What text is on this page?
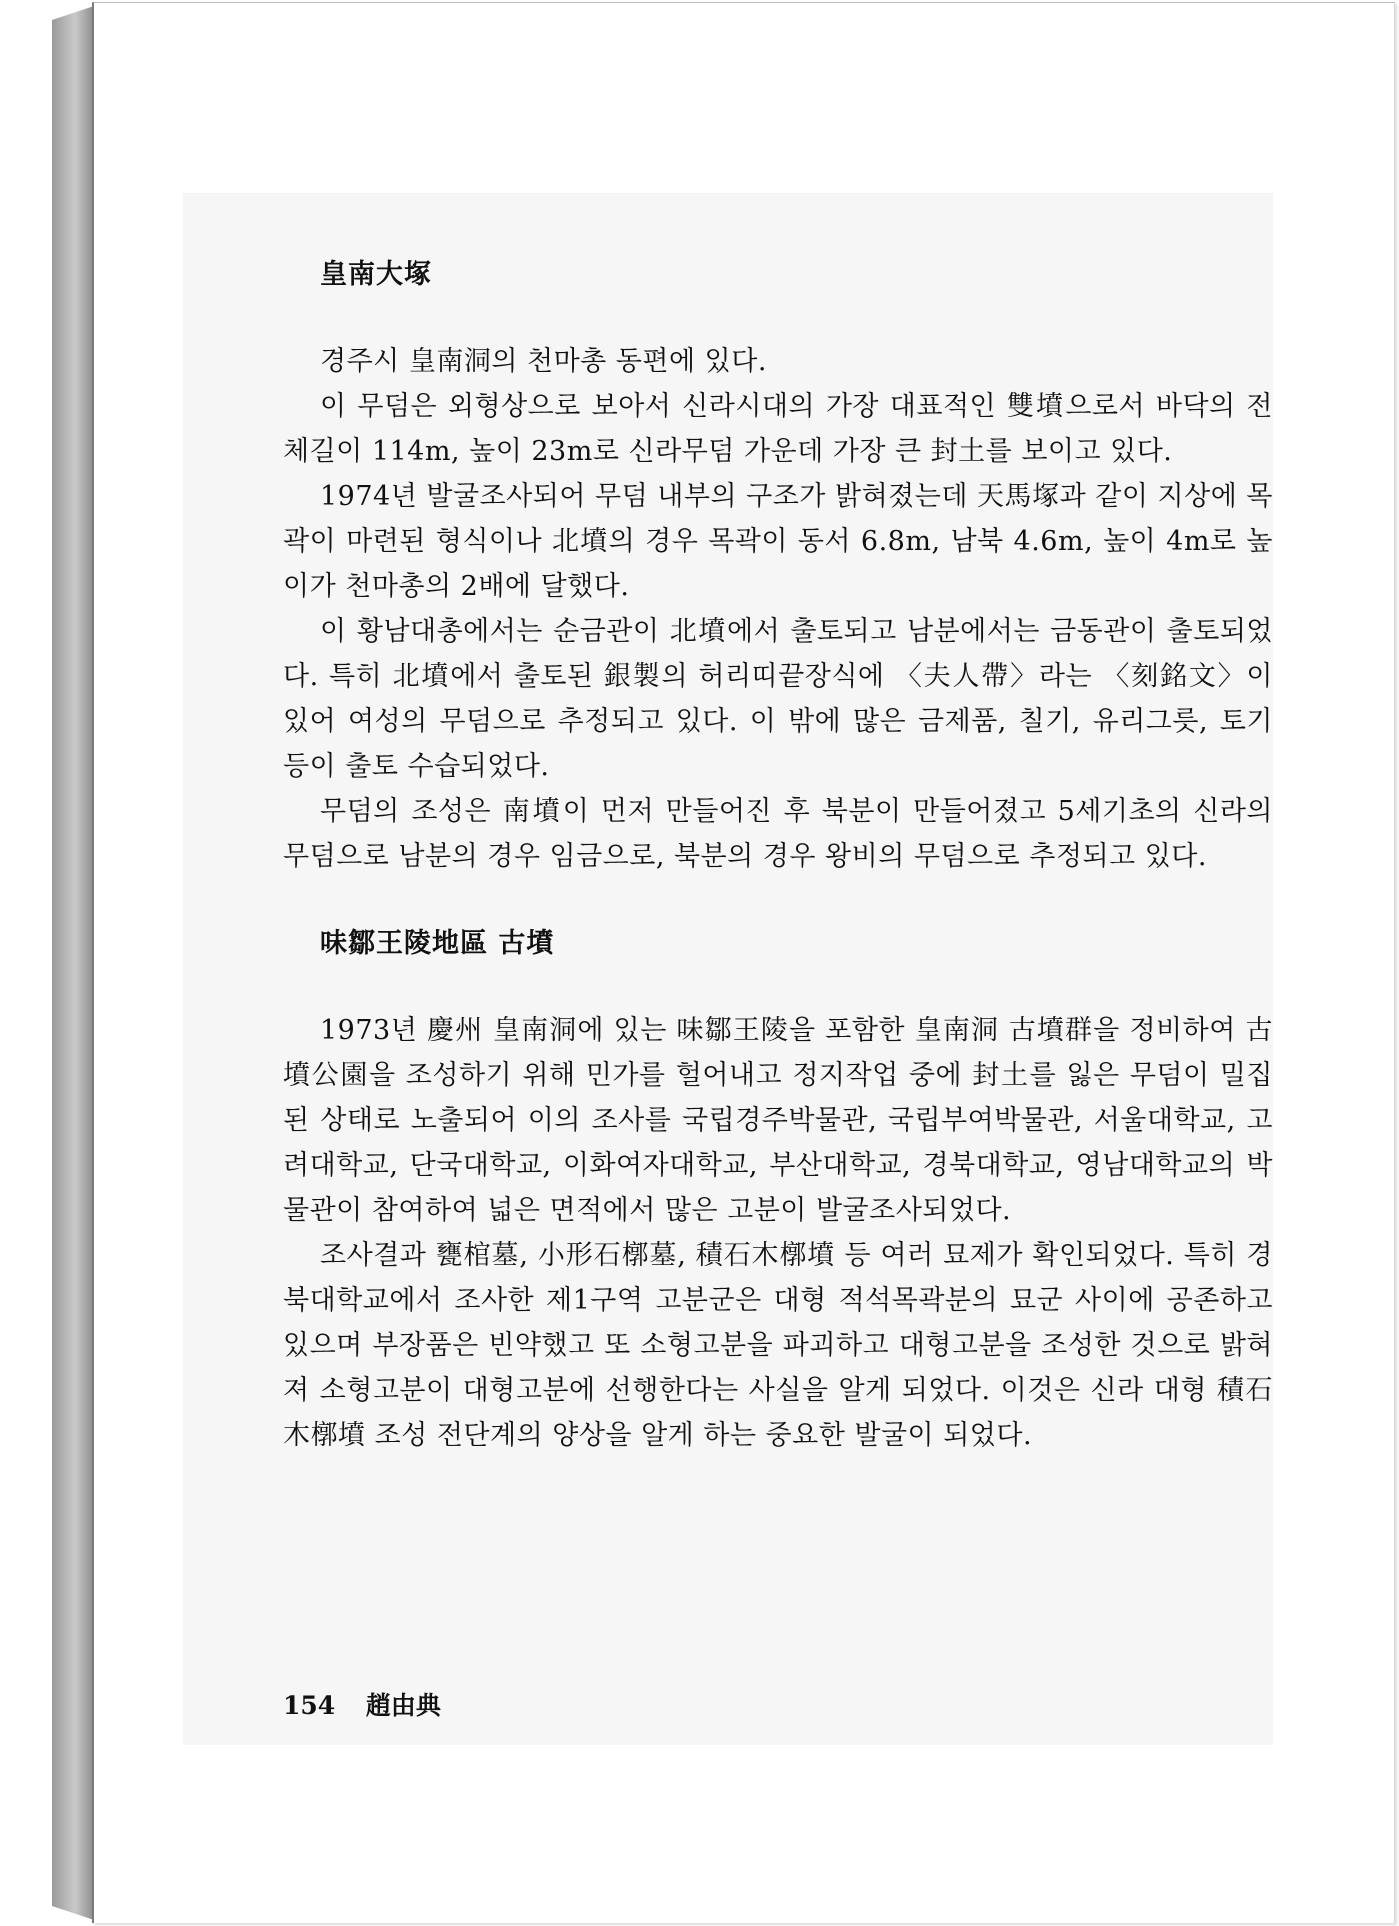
皇南大塚

경주시 皇南洞의 천마총 동편에 있다.

이 무덤은 외형상으로 보아서 신라시대의 가장 대표적인 雙墳으로서 바닥의 전체길이 114m, 높이 23m로 신라무덤 가운데 가장 큰 封土를 보이고 있다.

1974년 발굴조사되어 무덤 내부의 구조가 밝혀졌는데 天馬塚과 같이 지상에 목곽이 마련된 형식이나 北墳의 경우 목곽이 동서 6.8m, 남북 4.6m, 높이 4m로 높이가 천마총의 2배에 달했다.

이 황남대총에서는 순금관이 北墳에서 출토되고 남분에서는 금동관이 출토되었다. 특히 北墳에서 출토된 銀製의 허리띠끝장식에 〈夫人帶〉라는 〈刻銘文〉이 있어 여성의 무덤으로 추정되고 있다. 이 밖에 많은 금제품, 칠기, 유리그릇, 토기 등이 출토 수습되었다.

무덤의 조성은 南墳이 먼저 만들어진 후 북분이 만들어졌고 5세기초의 신라의 무덤으로 남분의 경우 임금으로, 북분의 경우 왕비의 무덤으로 추정되고 있다.

味鄒王陵地區 古墳

1973년 慶州 皇南洞에 있는 味鄒王陵을 포함한 皇南洞 古墳群을 정비하여 古墳公園을 조성하기 위해 민가를 헐어내고 정지작업 중에 封土를 잃은 무덤이 밀집된 상태로 노출되어 이의 조사를 국립경주박물관, 국립부여박물관, 서울대학교, 고려대학교, 단국대학교, 이화여자대학교, 부산대학교, 경북대학교, 영남대학교의 박물관이 참여하여 넓은 면적에서 많은 고분이 발굴조사되었다.

조사결과 甕棺墓, 小形石槨墓, 積石木槨墳 등 여러 묘제가 확인되었다. 특히 경북대학교에서 조사한 제1구역 고분군은 대형 적석목곽분의 묘군 사이에 공존하고 있으며 부장품은 빈약했고 또 소형고분을 파괴하고 대형고분을 조성한 것으로 밝혀져 소형고분이 대형고분에 선행한다는 사실을 알게 되었다. 이것은 신라 대형 積石木槨墳 조성 전단계의 양상을 알게 하는 중요한 발굴이 되었다.

154 趙由典
